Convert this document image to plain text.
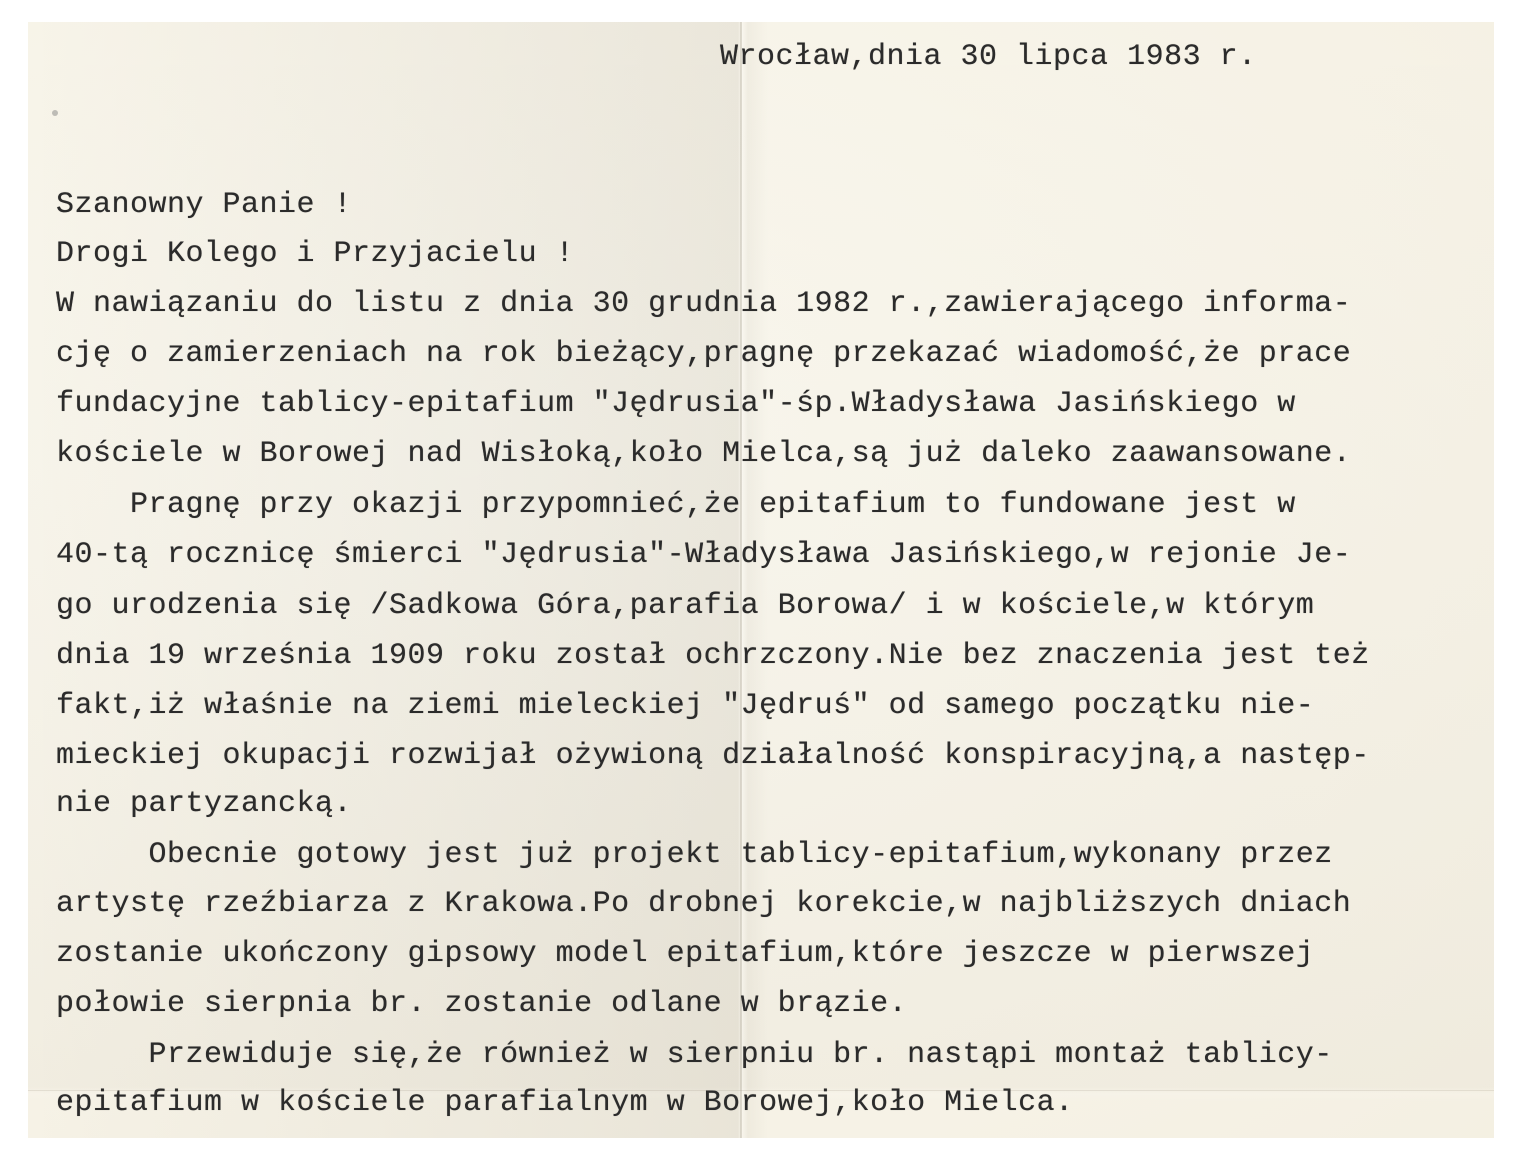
Wrocław,dnia 30 lipca 1983 r.
Szanowny Panie !
Drogi Kolego i Przyjacielu !
W nawiązaniu do listu z dnia 30 grudnia 1982 r.,zawierającego informa-
cję o zamierzeniach na rok bieżący,pragnę przekazać wiadomość,że prace
fundacyjne tablicy-epitafium "Jędrusia"-śp.Władysława Jasińskiego w
kościele w Borowej nad Wisłoką,koło Mielca,są już daleko zaawansowane.
Pragnę przy okazji przypomnieć,że epitafium to fundowane jest w
40-tą rocznicę śmierci "Jędrusia"-Władysława Jasińskiego,w rejonie Je-
go urodzenia się /Sadkowa Góra,parafia Borowa/ i w kościele,w którym
dnia 19 września 1909 roku został ochrzczony.Nie bez znaczenia jest też
fakt,iż właśnie na ziemi mieleckiej "Jędruś" od samego początku nie-
mieckiej okupacji rozwijał ożywioną działalność konspiracyjną,a następ-
nie partyzancką.
Obecnie gotowy jest już projekt tablicy-epitafium,wykonany przez
artystę rzeźbiarza z Krakowa.Po drobnej korekcie,w najbliższych dniach
zostanie ukończony gipsowy model epitafium,które jeszcze w pierwszej
połowie sierpnia br. zostanie odlane w brązie.
Przewiduje się,że również w sierpniu br. nastąpi montaż tablicy-
epitafium w kościele parafialnym w Borowej,koło Mielca.
